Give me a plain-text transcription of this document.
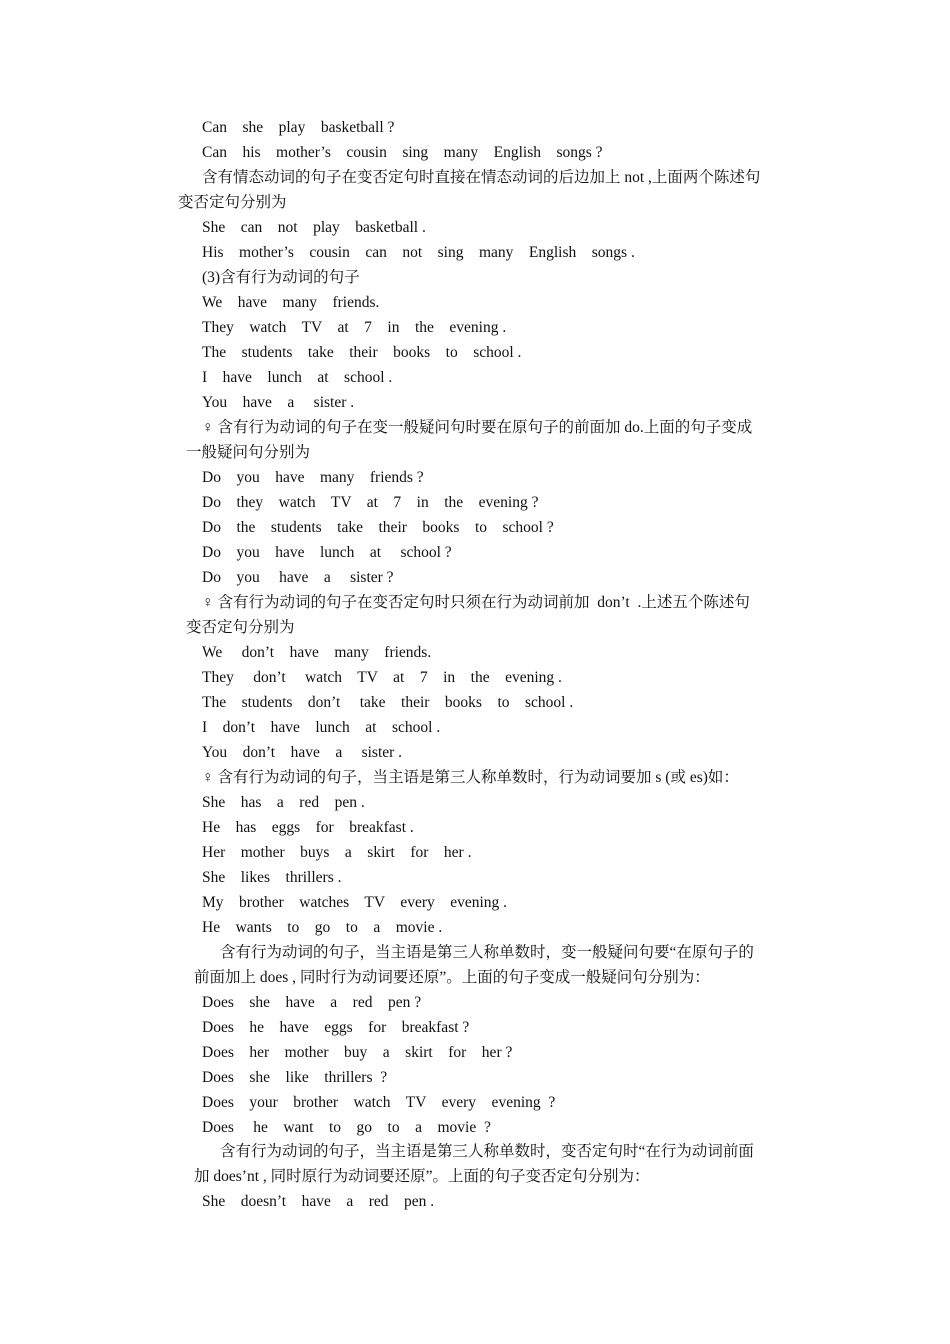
Can    she    play    basketball ?
Can    his    mother’s    cousin    sing    many    English    songs ?
含有情态动词的句子在变否定句时直接在情态动词的后边加上 not ,上面两个陈述句
变否定句分别为
She    can    not    play    basketball .
His    mother’s    cousin    can    not    sing    many    English    songs .
(3)含有行为动词的句子
We    have    many    friends.
They    watch    TV    at    7    in    the    evening .
The    students    take    their    books    to    school .
I    have    lunch    at    school .
You    have    a     sister .
♀ 含有行为动词的句子在变一般疑问句时要在原句子的前面加 do.上面的句子变成
一般疑问句分别为
Do    you    have    many    friends ?
Do    they    watch    TV    at    7    in    the    evening ?
Do    the    students    take    their    books    to    school ?
Do    you    have    lunch    at     school ?
Do    you     have    a     sister ?
♀ 含有行为动词的句子在变否定句时只须在行为动词前加  don’t  .上述五个陈述句
变否定句分别为
We     don’t    have    many    friends.
They     don’t     watch    TV    at    7    in    the    evening .
The    students    don’t     take    their    books    to    school .
I    don’t    have    lunch    at    school .
You    don’t    have    a     sister .
♀ 含有行为动词的句子，当主语是第三人称单数时，行为动词要加 s (或 es)如：
She    has    a    red    pen .
He    has    eggs    for    breakfast .
Her    mother    buys    a    skirt    for    her .
She    likes    thrillers .
My    brother    watches    TV    every    evening .
He    wants    to    go    to    a    movie .
含有行为动词的句子，当主语是第三人称单数时，变一般疑问句要“在原句子的
前面加上 does , 同时行为动词要还原”。上面的句子变成一般疑问句分别为：
Does    she    have    a    red    pen ?
Does    he    have    eggs    for    breakfast ?
Does    her    mother    buy    a    skirt    for    her ?
Does    she    like    thrillers  ?
Does    your    brother    watch    TV    every    evening  ?
Does     he    want    to    go    to    a    movie  ?
含有行为动词的句子，当主语是第三人称单数时，变否定句时“在行为动词前面
加 does’nt , 同时原行为动词要还原”。上面的句子变否定句分别为：
She    doesn’t    have    a    red    pen .
